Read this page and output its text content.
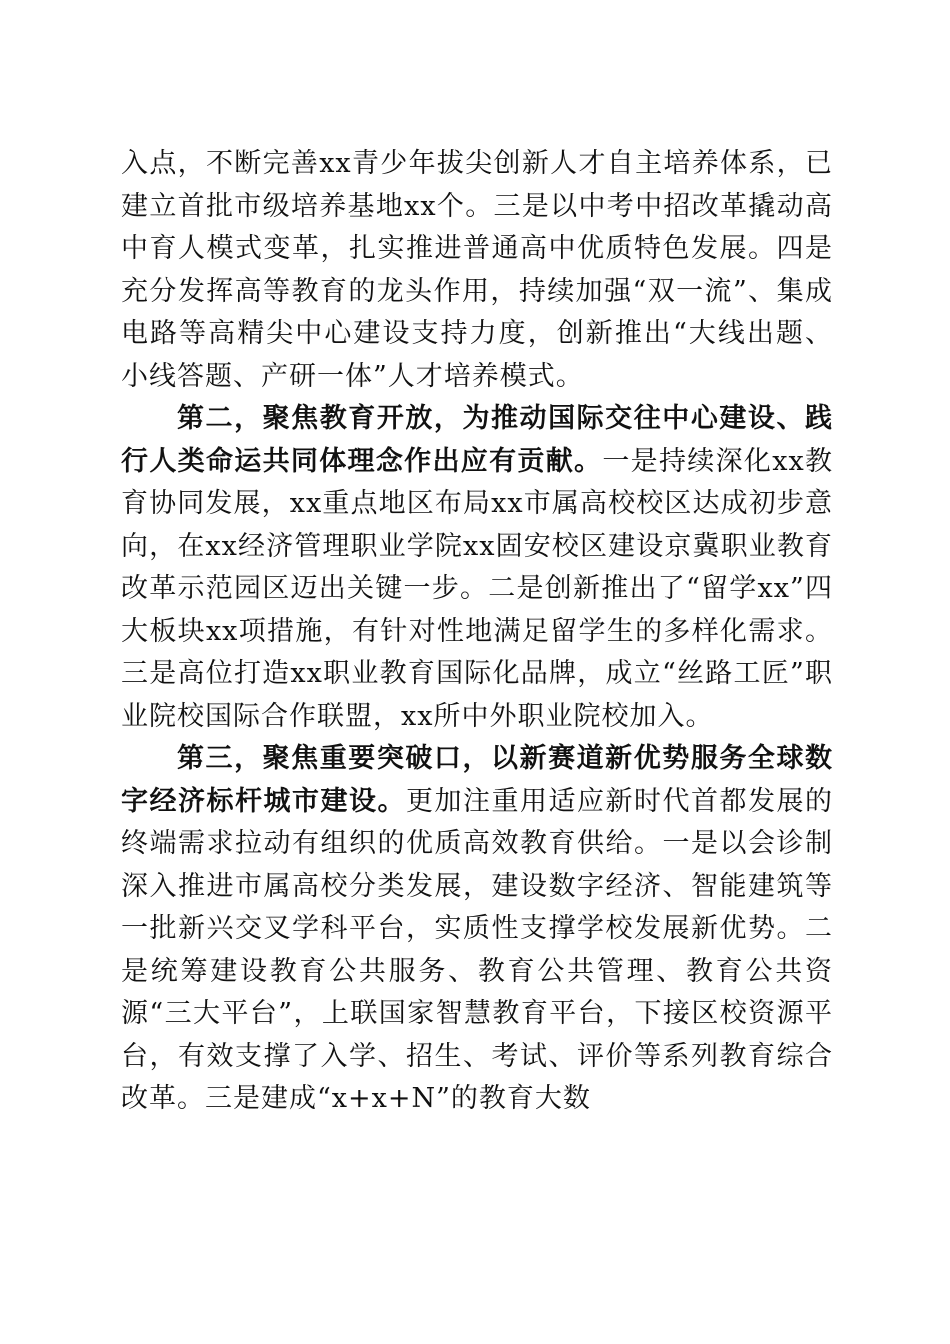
入点，不断完善xx青少年拔尖创新人才自主培养体系，已建立首批市级培养基地xx个。三是以中考中招改革撬动高中育人模式变革，扎实推进普通高中优质特色发展。四是充分发挥高等教育的龙头作用，持续加强“双一流”、集成电路等高精尖中心建设支持力度，创新推出“大线出题、小线答题、产研一体”人才培养模式。

第二，聚焦教育开放，为推动国际交往中心建设、践行人类命运共同体理念作出应有贡献。一是持续深化xx教育协同发展，xx重点地区布局xx市属高校校区达成初步意向，在xx经济管理职业学院xx固安校区建设京冀职业教育改革示范园区迈出关键一步。二是创新推出了“留学xx”四大板块xx项措施，有针对性地满足留学生的多样化需求。三是高位打造xx职业教育国际化品牌，成立“丝路工匠”职业院校国际合作联盟，xx所中外职业院校加入。

第三，聚焦重要突破口，以新赛道新优势服务全球数字经济标杆城市建设。更加注重用适应新时代首都发展的终端需求拉动有组织的优质高效教育供给。一是以会诊制深入推进市属高校分类发展，建设数字经济、智能建筑等一批新兴交叉学科平台，实质性支撑学校发展新优势。二是统筹建设教育公共服务、教育公共管理、教育公共资源“三大平台”，上联国家智慧教育平台，下接区校资源平台，有效支撑了入学、招生、考试、评价等系列教育综合改革。三是建成“x+x+N”的教育大数
